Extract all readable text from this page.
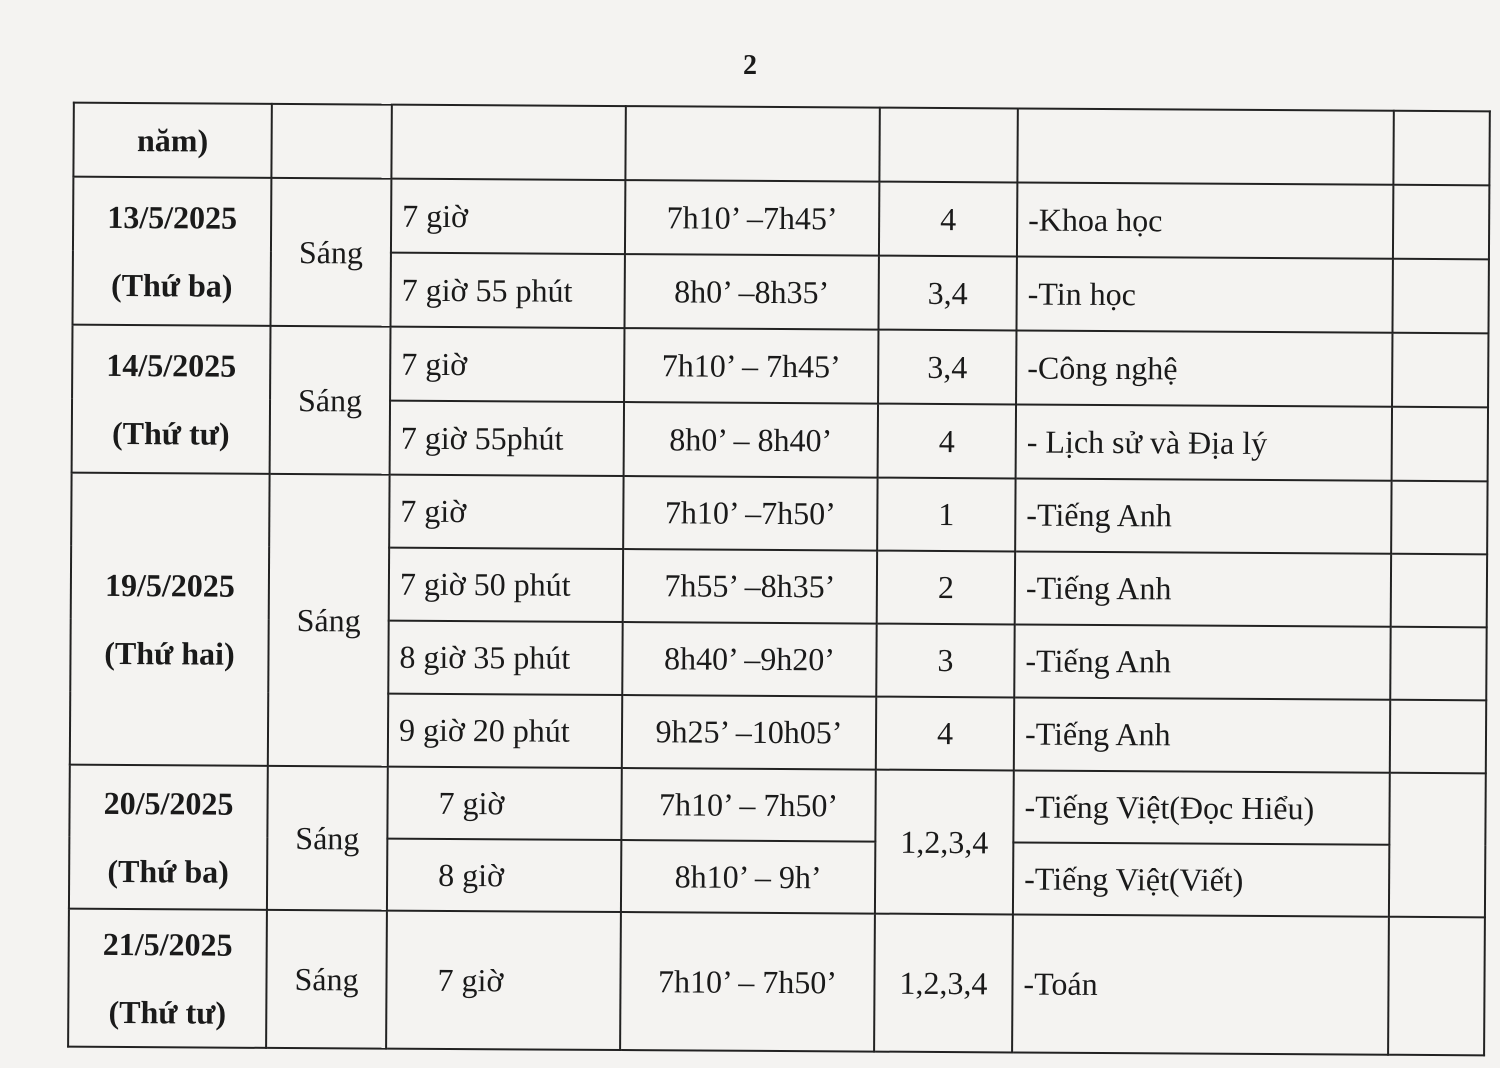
2
năm)						

13/5/2025
(Thứ ba)	Sáng	7 giờ	7h10’ –7h45’	4	-Khoa học	
		7 giờ 55 phút	8h0’ –8h35’	3,4	-Tin học	

14/5/2025
(Thứ tư)	Sáng	7 giờ	7h10’ – 7h45’	3,4	-Công nghệ	
		7 giờ 55phút	8h0’ – 8h40’	4	- Lịch sử và Địa lý	

19/5/2025
(Thứ hai)	Sáng	7 giờ	7h10’ –7h50’	1	-Tiếng Anh	
		7 giờ 50 phút	7h55’ –8h35’	2	-Tiếng Anh	
		8 giờ 35 phút	8h40’ –9h20’	3	-Tiếng Anh	
		9 giờ 20 phút	9h25’ –10h05’	4	-Tiếng Anh	

20/5/2025
(Thứ ba)	Sáng	7 giờ	7h10’ – 7h50’	1,2,3,4	-Tiếng Việt(Đọc Hiểu)	
		8 giờ	8h10’ – 9h’		-Tiếng Việt(Viết)	

21/5/2025
(Thứ tư)	Sáng	7 giờ	7h10’ – 7h50’	1,2,3,4	-Toán	
